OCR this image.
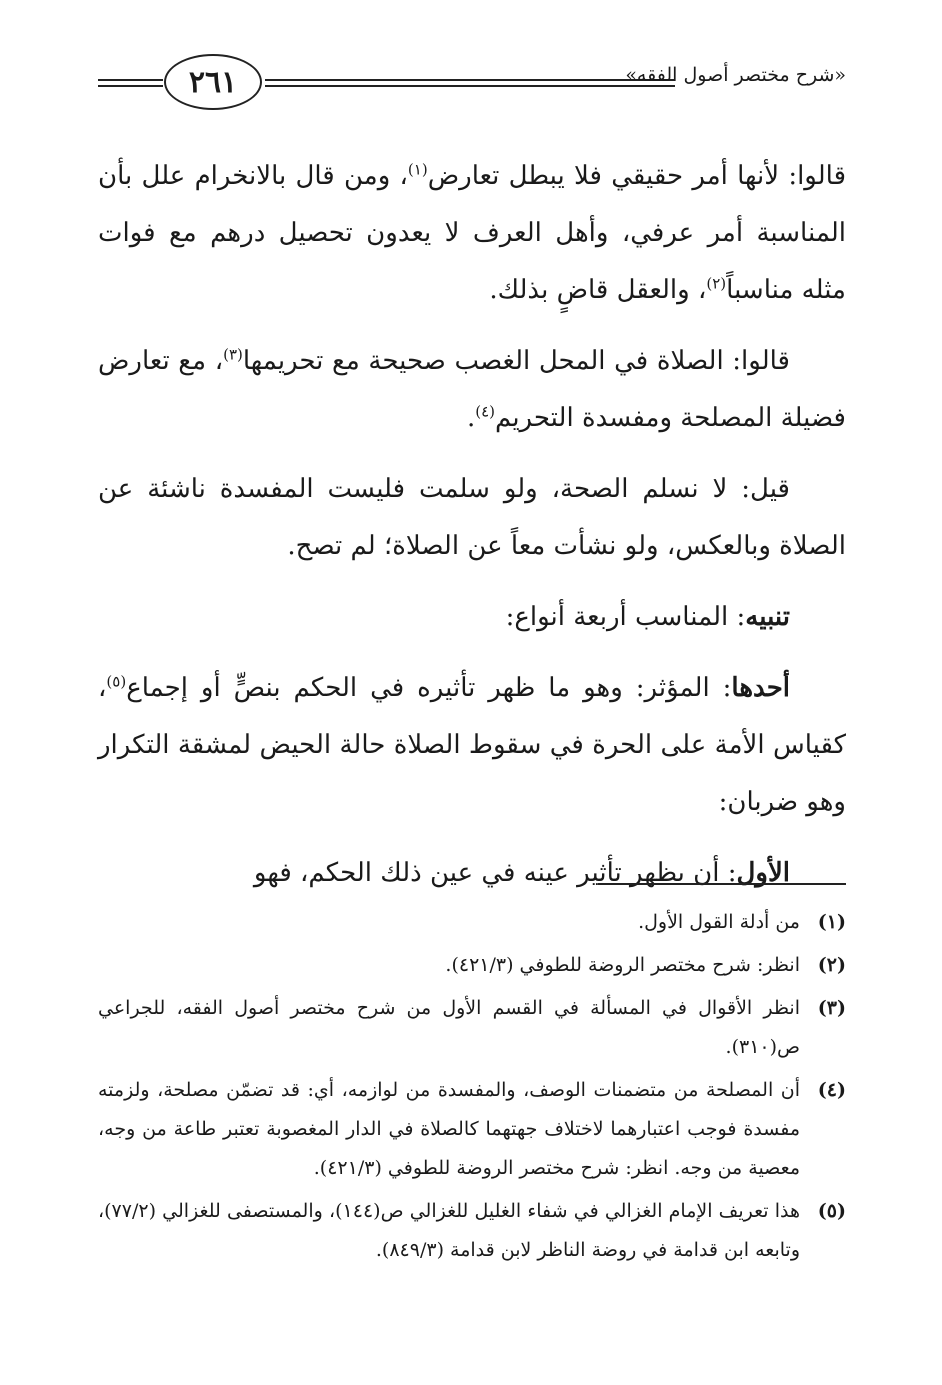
٢٦١	«شرح مختصر أصول الفقه»

قالوا: لأنها أمر حقيقي فلا يبطل تعارض$^{(١)}$، ومن قال بالانخرام علل بأن المناسبة أمر عرفي، وأهل العرف لا يعدون تحصيل درهم مع فوات مثله مناسباً$^{(٢)}$، والعقل قاضٍ بذلك.

قالوا: الصلاة في المحل الغصب صحيحة مع تحريمها$^{(٣)}$، مع تعارض فضيلة المصلحة ومفسدة التحريم$^{(٤)}$.

قيل: لا نسلم الصحة، ولو سلمت فليست المفسدة ناشئة عن الصلاة وبالعكس، ولو نشأت معاً عن الصلاة؛ لم تصح.

تنبيه: المناسب أربعة أنواع:

أحدها: المؤثر: وهو ما ظهر تأثيره في الحكم بنصٍّ أو إجماع$^{(٥)}$، كقياس الأمة على الحرة في سقوط الصلاة حالة الحيض لمشقة التكرار وهو ضربان:

الأول: أن يظهر تأثير عينه في عين ذلك الحكم، فهو

(١)
من أدلة القول الأول.
(٢)
انظر: شرح مختصر الروضة للطوفي (٤٢١/٣).
(٣)
انظر الأقوال في المسألة في القسم الأول من شرح مختصر أصول الفقه، للجراعي ص(٣١٠).
(٤)
أن المصلحة من متضمنات الوصف، والمفسدة من لوازمه، أي: قد تضمّن مصلحة، ولزمته مفسدة فوجب اعتبارهما لاختلاف جهتهما كالصلاة في الدار المغصوبة تعتبر طاعة من وجه، معصية من وجه. انظر: شرح مختصر الروضة للطوفي (٤٢١/٣).
(٥)
هذا تعريف الإمام الغزالي في شفاء الغليل للغزالي ص(١٤٤)، والمستصفى للغزالي (٧٧/٢)، وتابعه ابن قدامة في روضة الناظر لابن قدامة (٨٤٩/٣).
